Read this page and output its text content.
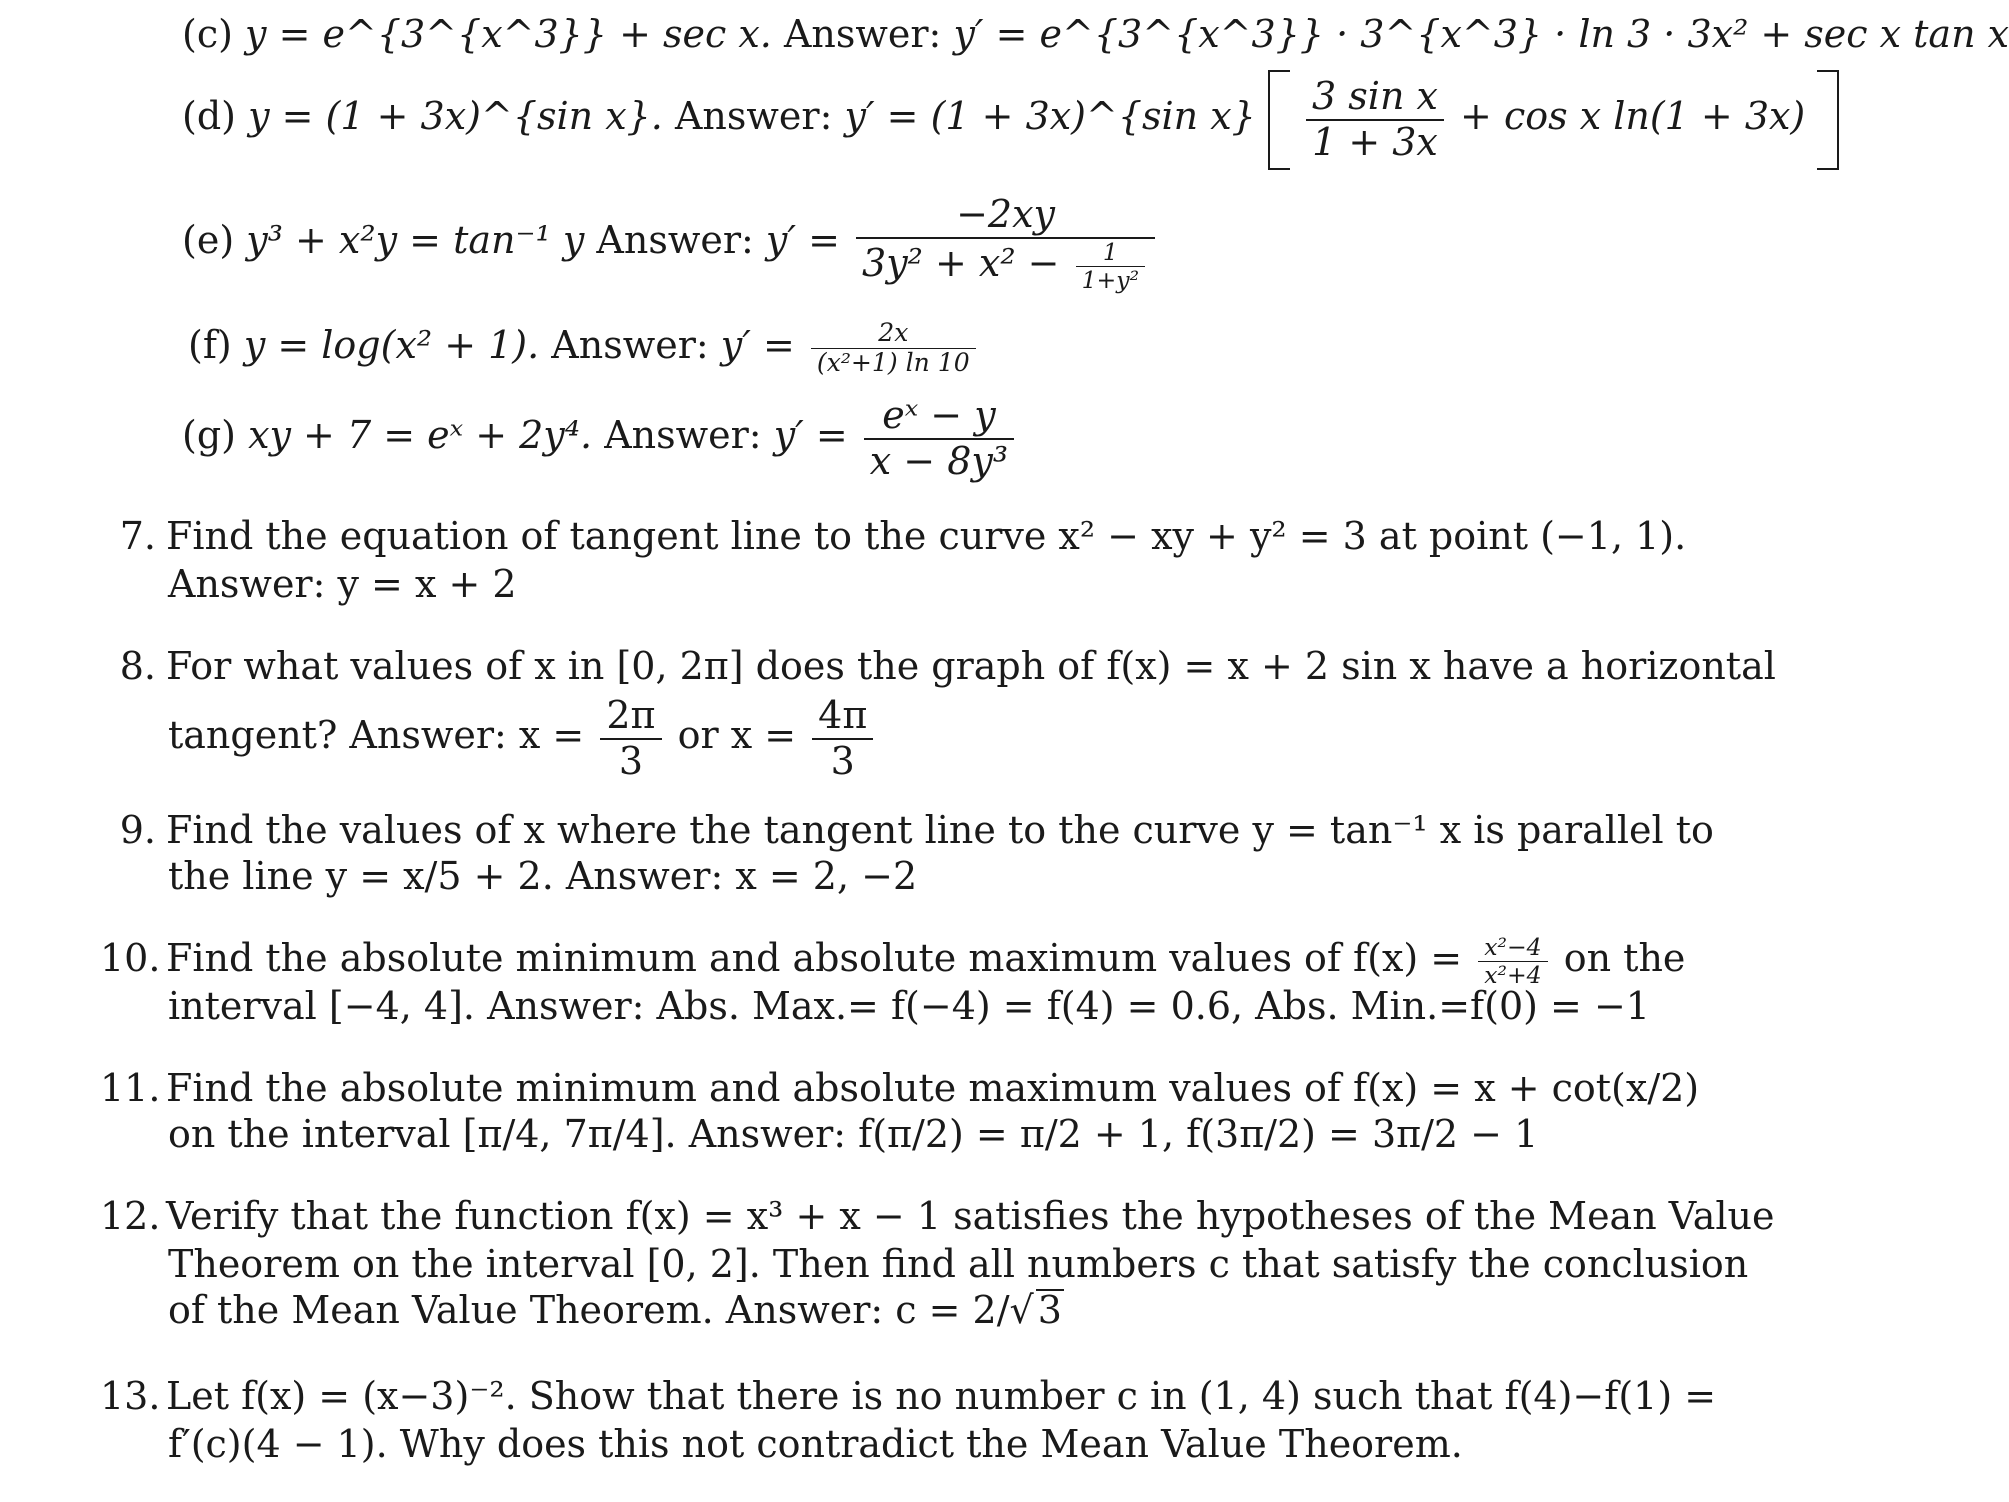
(c) y = e^{3^{x^3}} + sec x. Answer: y′ = e^{3^{x^3}} · 3^{x^3} · ln 3 · 3x² + sec x tan x
(d) y = (1 + 3x)^{sin x}. Answer: y′ = (1 + 3x)^{sin $x\} \frac{\text{3 sin x}}{1 + 3x} + \cos x$ ln(1 + 3x)
(e) y³ + x²y = tan⁻¹ y Answer: $y' = \frac{-2xy}{3y^2 + x^2 - \frac{1}{\text{1+y²}}}$
(f) y = log(x² + 1). Answer: $y' = \frac{2x}{\text{(x²+1) ln 10}}$
(g) xy + 7 = eˣ + 2y⁴. Answer: $y' = \frac{\text{eˣ − y}}{\text{x − 8y³}}$
7. Find the equation of tangent line to the curve x² − xy + y² = 3 at point (−1, 1).
Answer: y = x + 2
8. For what values of x in [0, 2π] does the graph of f(x) = x + 2 sin x have a horizontal
tangent? Answer: $x = \frac{2\pi}{3}$ or $x = \frac{4\pi}{3}$
9. Find the values of x where the tangent line to the curve y = tan⁻¹ x is parallel to
the line y = x/5 + 2. Answer: x = 2, −2
10. Find the absolute minimum and absolute maximum values of $f(x) = \frac{\text{x²−4}}{\text{x²+4}}$ on the
interval [−4, 4]. Answer: Abs. Max.= f(−4) = f(4) = 0.6, Abs. Min.=f(0) = −1
11. Find the absolute minimum and absolute maximum values of f(x) = x + cot(x/2)
on the interval [π/4, 7π/4]. Answer: f(π/2) = π/2 + 1, f(3π/2) = 3π/2 − 1
12. Verify that the function f(x) = x³ + x − 1 satisfies the hypotheses of the Mean Value
Theorem on the interval [0, 2]. Then find all numbers c that satisfy the conclusion
of the Mean Value Theorem. Answer: c = 2/√ 3
13. Let f(x) = (x−3)⁻². Show that there is no number c in (1, 4) such that f(4)−f(1) =
f′(c)(4 − 1). Why does this not contradict the Mean Value Theorem.
